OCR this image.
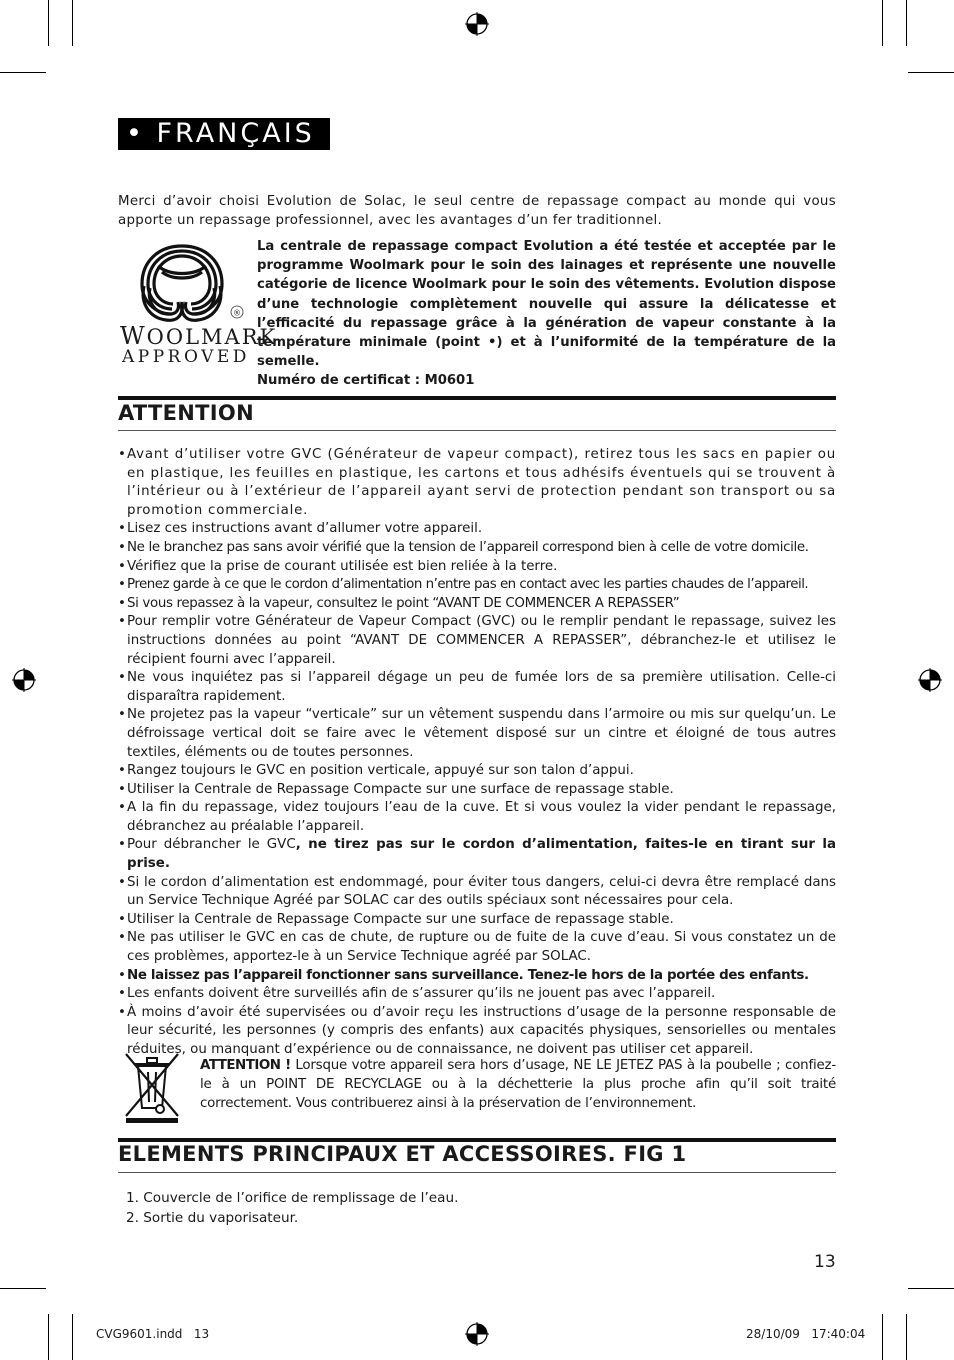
• FRANÇAIS
Merci d’avoir choisi Evolution de Solac, le seul centre de repassage compact au monde qui vous apporte un repassage professionnel, avec les avantages d’un fer traditionnel.
®
WOOLMARK
APPROVED
La centrale de repassage compact Evolution a été testée et acceptée par le programme Woolmark pour le soin des lainages et représente une nouvelle catégorie de licence Woolmark pour le soin des vêtements. Evolution dispose d’une technologie complètement nouvelle qui assure la délicatesse et l’efficacité du repassage grâce à la génération de vapeur constante à la température minimale (point •) et à l’uniformité de la température de la semelle.
Numéro de certificat : M0601
ATTENTION
• Avant d’utiliser votre GVC (Générateur de vapeur compact), retirez tous les sacs en papier ou en plastique, les feuilles en plastique, les cartons et tous adhésifs éventuels qui se trouvent à l’intérieur ou à l’extérieur de l’appareil ayant servi de protection pendant son transport ou sa promotion commerciale.
• Lisez ces instructions avant d’allumer votre appareil.
• Ne le branchez pas sans avoir vérifié que la tension de l’appareil correspond bien à celle de votre domicile.
• Vérifiez que la prise de courant utilisée est bien reliée à la terre.
• Prenez garde à ce que le cordon d’alimentation n’entre pas en contact avec les parties chaudes de l’appareil.
• Si vous repassez à la vapeur, consultez le point “AVANT DE COMMENCER A REPASSER”
• Pour remplir votre Générateur de Vapeur Compact (GVC) ou le remplir pendant le repassage, suivez les instructions données au point “AVANT DE COMMENCER A REPASSER”, débranchez-le et utilisez le récipient fourni avec l’appareil.
• Ne vous inquiétez pas si l’appareil dégage un peu de fumée lors de sa première utilisation. Celle-ci disparaîtra rapidement.
• Ne projetez pas la vapeur “verticale” sur un vêtement suspendu dans l’armoire ou mis sur quelqu’un. Le défroissage vertical doit se faire avec le vêtement disposé sur un cintre et éloigné de tous autres textiles, éléments ou de toutes personnes.
• Rangez toujours le GVC en position verticale, appuyé sur son talon d’appui.
• Utiliser la Centrale de Repassage Compacte sur une surface de repassage stable.
• A la fin du repassage, videz toujours l’eau de la cuve. Et si vous voulez la vider pendant le repassage, débranchez au préalable l’appareil.
• Pour débrancher le GVC, ne tirez pas sur le cordon d’alimentation, faites-le en tirant sur la prise.
• Si le cordon d’alimentation est endommagé, pour éviter tous dangers, celui-ci devra être remplacé dans un Service Technique Agréé par SOLAC car des outils spéciaux sont nécessaires pour cela.
• Utiliser la Centrale de Repassage Compacte sur une surface de repassage stable.
• Ne pas utiliser le GVC en cas de chute, de rupture ou de fuite de la cuve d’eau. Si vous constatez un de ces problèmes, apportez-le à un Service Technique agréé par SOLAC.
• Ne laissez pas l’appareil fonctionner sans surveillance. Tenez-le hors de la portée des enfants.
• Les enfants doivent être surveillés afin de s’assurer qu’ils ne jouent pas avec l’appareil.
• À moins d’avoir été supervisées ou d’avoir reçu les instructions d’usage de la personne responsable de leur sécurité, les personnes (y compris des enfants) aux capacités physiques, sensorielles ou mentales réduites, ou manquant d’expérience ou de connaissance, ne doivent pas utiliser cet appareil.
ATTENTION ! Lorsque votre appareil sera hors d’usage, NE LE JETEZ PAS à la poubelle ; confiez-le à un POINT DE RECYCLAGE ou à la déchetterie la plus proche afin qu’il soit traité correctement. Vous contribuerez ainsi à la préservation de l’environnement.
ELEMENTS PRINCIPAUX ET ACCESSOIRES. FIG 1
1. Couvercle de l’orifice de remplissage de l’eau.
2. Sortie du vaporisateur.
13
CVG9601.indd   13	28/10/09   17:40:04
